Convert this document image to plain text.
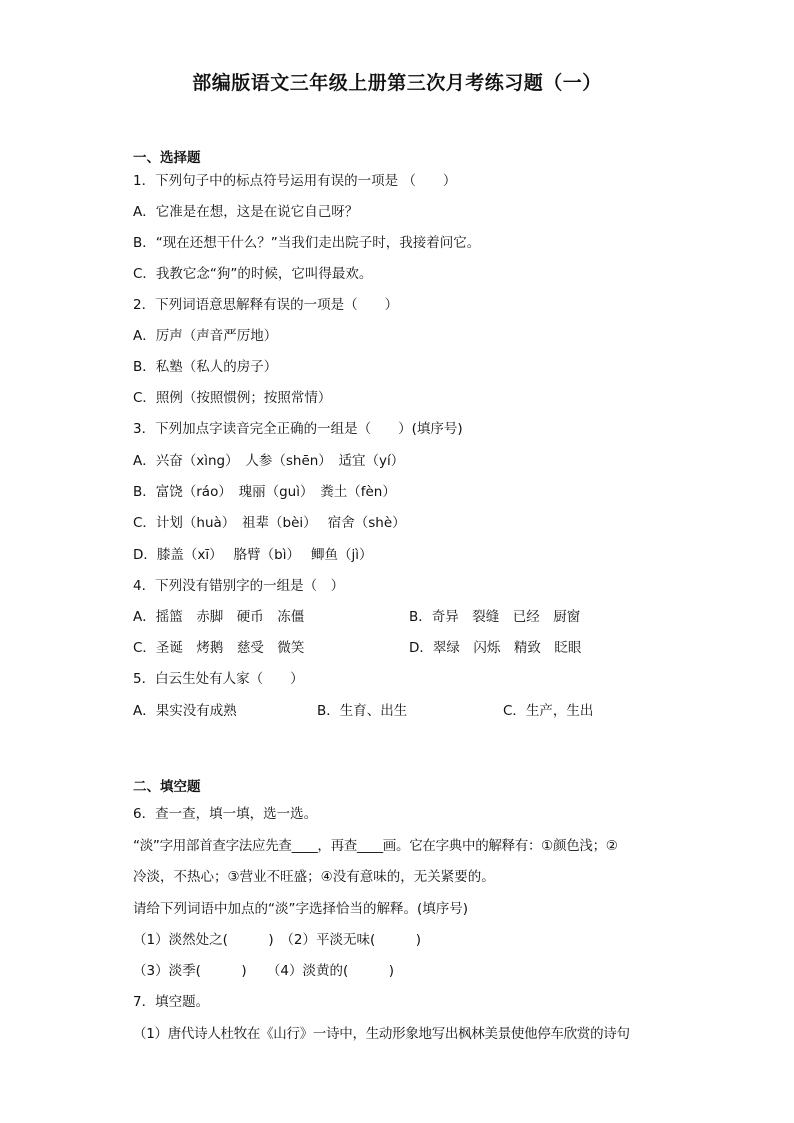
部编版语文三年级上册第三次月考练习题（一）
一、选择题
1．下列句子中的标点符号运用有误的一项是 （　　）
A．它准是在想，这是在说它自己呀？
B．“现在还想干什么？”当我们走出院子时，我接着问它。
C．我教它念“狗”的时候，它叫得最欢。
2．下列词语意思解释有误的一项是（　　）
A．厉声（声音严厉地）
B．私塾（私人的房子）
C．照例（按照惯例；按照常情）
3．下列加点字读音完全正确的一组是（　　）(填序号)
A．兴奋（xìng）　人参（shēn）　适宜（yí）
B．富饶（ráo）　瑰丽（guì）　粪土（fèn）
C．计划（huà）　祖辈（bèi）　 宿舍（shè）
D．膝盖（xī）　 胳臂（bì）　 鲫鱼（jì）
4．下列没有错别字的一组是（　）
A．摇篮　赤脚　硬币　冻僵	B．奇异　裂缝　已经　厨窗
C．圣诞　烤鹅　慈受　微笑	D．翠绿　闪烁　精致　眨眼
5．白云生处有人家（　　）
A．果实没有成熟	B．生育、出生	C．生产，生出
二、填空题
6．查一查，填一填，选一选。
“淡”字用部首查字法应先查____，再查____画。它在字典中的解释有：①颜色浅；②
冷淡，不热心；③营业不旺盛；④没有意味的，无关紧要的。
请给下列词语中加点的“淡”字选择恰当的解释。(填序号)
（1）淡然处之(　　　)　（2）平淡无味(　　　)
（3）淡季(　　　)　　（4）淡黄的(　　　)
7．填空题。
（1）唐代诗人杜牧在《山行》一诗中，生动形象地写出枫林美景使他停车欣赏的诗句
